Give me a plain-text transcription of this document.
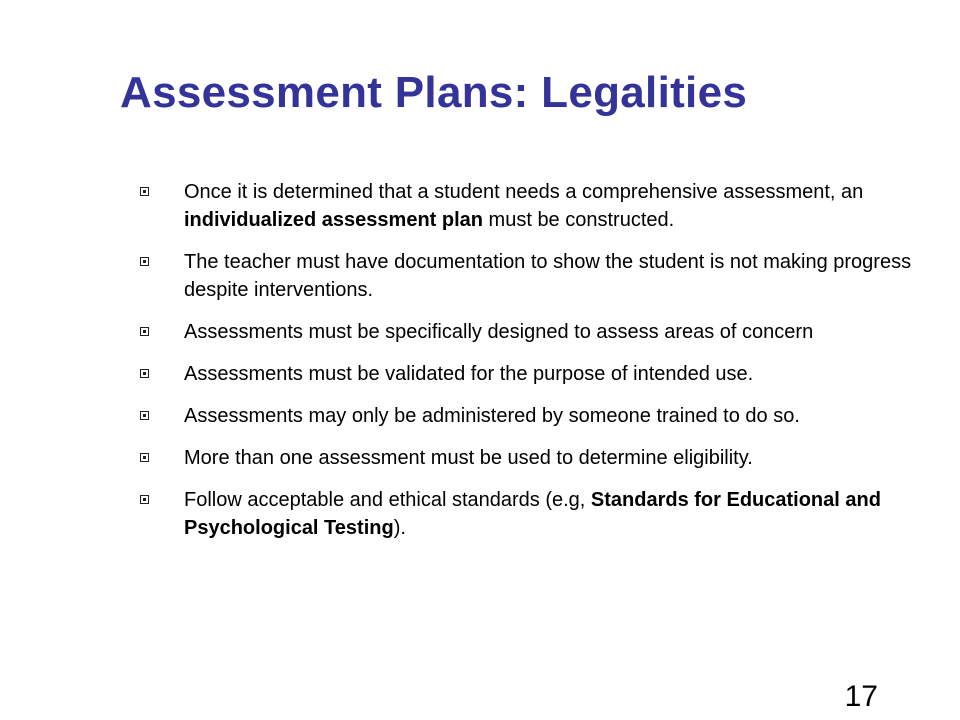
Assessment Plans: Legalities
Once it is determined that a student needs a comprehensive assessment, an individualized assessment plan must be constructed.
The teacher must have documentation to show the student is not making progress despite interventions.
Assessments must be specifically designed to assess areas of concern
Assessments must be validated for the purpose of intended use.
Assessments may only be administered by someone trained to do so.
More than one assessment must be used to determine eligibility.
Follow acceptable and ethical standards (e.g, Standards for Educational and Psychological Testing).
17
